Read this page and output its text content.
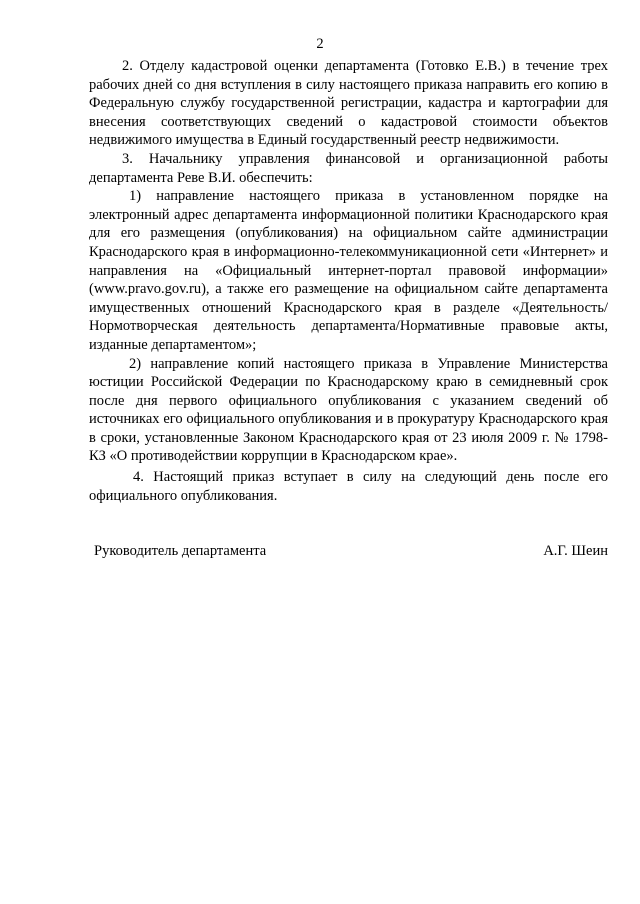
2

2. Отделу кадастровой оценки департамента (Готовко Е.В.) в течение трех рабочих дней со дня вступления в силу настоящего приказа направить его копию в Федеральную службу государственной регистрации, кадастра и картографии для внесения соответствующих сведений о кадастровой стоимости объектов недвижимого имущества в Единый государственный реестр недвижимости.

3. Начальнику управления финансовой и организационной работы департамента Реве В.И. обеспечить:

1) направление настоящего приказа в установленном порядке на электронный адрес департамента информационной политики Краснодарского края для его размещения (опубликования) на официальном сайте администрации Краснодарского края в информационно-телекоммуникационной сети «Интернет» и направления на «Официальный интернет-портал правовой информации» (www.pravo.gov.ru), а также его размещение на официальном сайте департамента имущественных отношений Краснодарского края в разделе «Деятельность/Нормотворческая деятельность департамента/Нормативные правовые акты, изданные департаментом»;

2) направление копий настоящего приказа в Управление Министерства юстиции Российской Федерации по Краснодарскому краю в семидневный срок после дня первого официального опубликования с указанием сведений об источниках его официального опубликования и в прокуратуру Краснодарского края в сроки, установленные Законом Краснодарского края от 23 июля 2009 г. № 1798-КЗ «О противодействии коррупции в Краснодарском крае».

4. Настоящий приказ вступает в силу на следующий день после его официального опубликования.

Руководитель департамента	А.Г. Шеин
